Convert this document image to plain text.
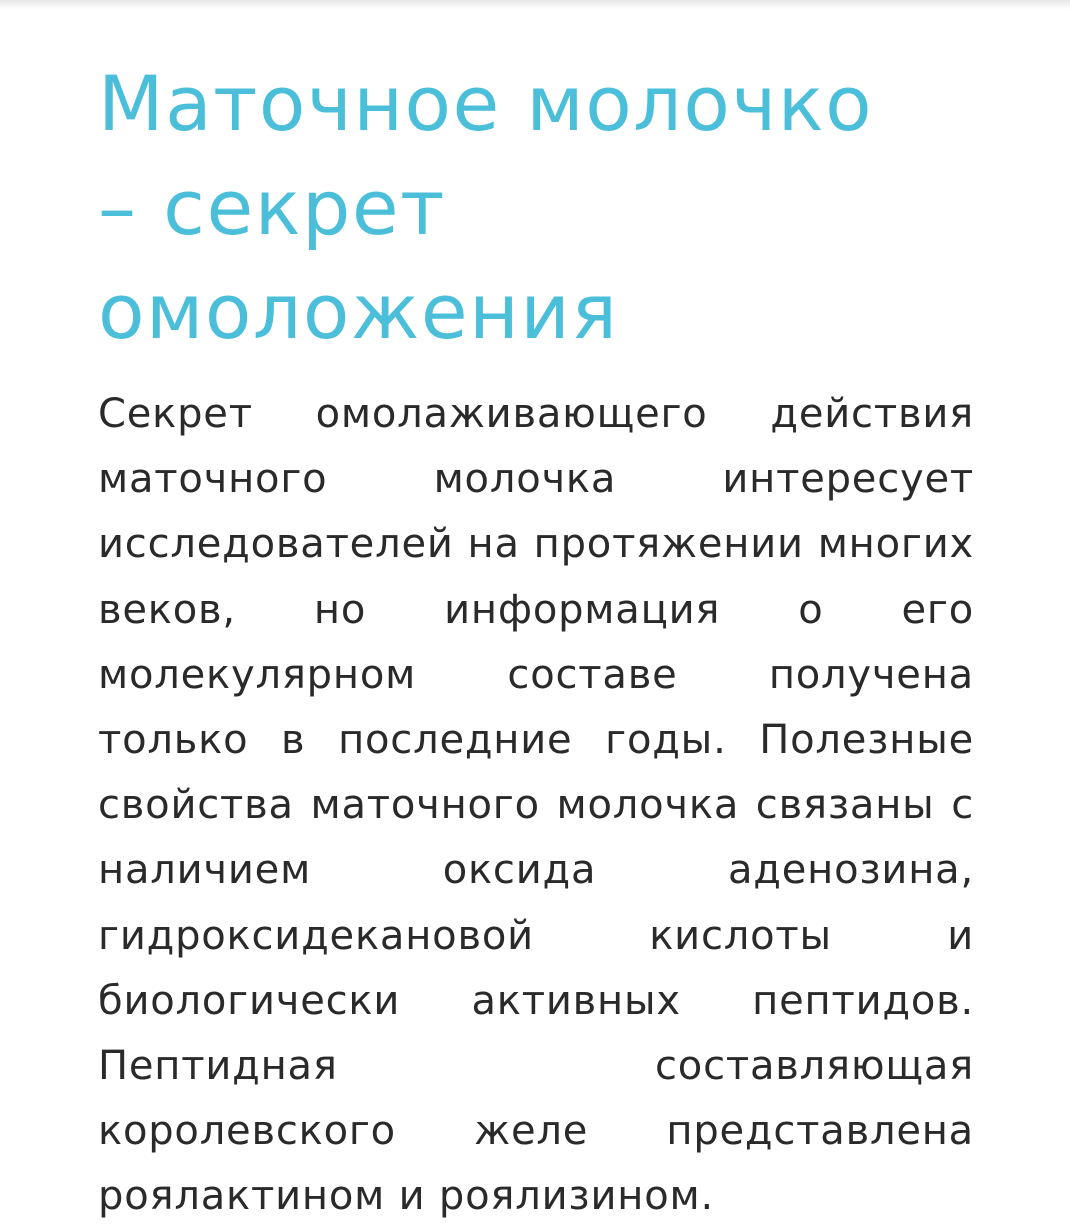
Маточное молочко
– секрет
омоложения

Секрет омолаживающего действия маточного молочка интересует исследователей на протяжении многих веков, но информация о его молекулярном составе получена только в последние годы. Полезные свойства маточного молочка связаны с наличием оксида аденозина, гидроксидекановой кислоты и биологически активных пептидов. Пептидная составляющая королевского желе представлена роялактином и роялизином.
